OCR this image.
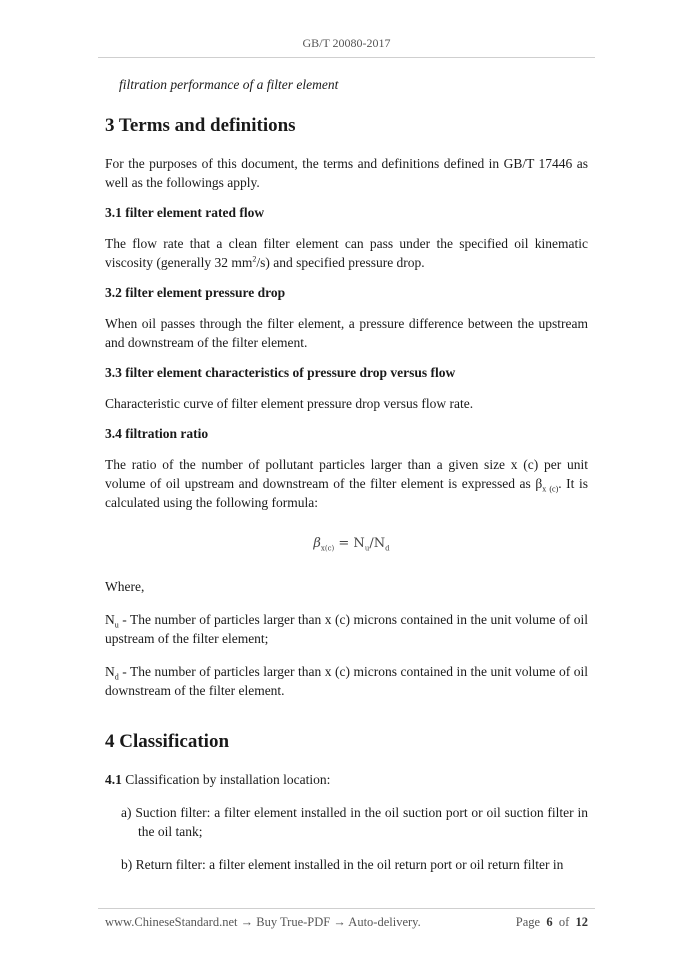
GB/T 20080-2017
filtration performance of a filter element
3 Terms and definitions

For the purposes of this document, the terms and definitions defined in GB/T 17446 as well as the followings apply.

3.1 filter element rated flow

The flow rate that a clean filter element can pass under the specified oil kinematic viscosity (generally 32 $mm^2/s$) and specified pressure drop.

3.2 filter element pressure drop

When oil passes through the filter element, a pressure difference between the upstream and downstream of the filter element.

3.3 filter element characteristics of pressure drop versus flow

Characteristic curve of filter element pressure drop versus flow rate.

3.4 filtration ratio

The ratio of the number of pollutant particles larger than a given size x (c) per unit volume of oil upstream and downstream of the filter element is expressed as $\beta_{x (c)}$. It is calculated using the following formula:

$\beta_{x(c)} = N_u/N_d$

Where,

$N_u$ - The number of particles larger than x (c) microns contained in the unit volume of oil upstream of the filter element;

$N_d$ - The number of particles larger than x (c) microns contained in the unit volume of oil downstream of the filter element.

4 Classification

4.1 Classification by installation location:

a) Suction filter: a filter element installed in the oil suction port or oil suction filter in the oil tank;
b) Return filter: a filter element installed in the oil return port or oil return filter in
www.ChineseStandard.net → Buy True-PDF → Auto-delivery.	Page 6 of 12
